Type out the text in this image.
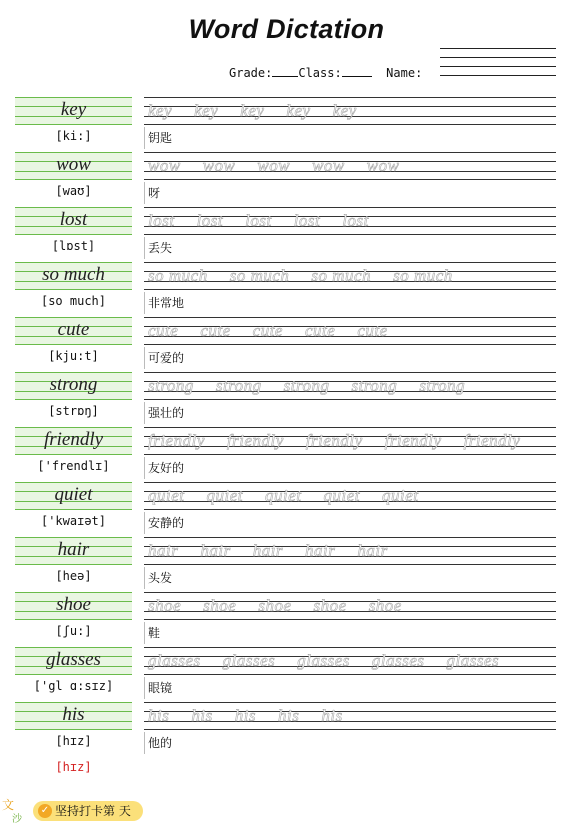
Word Dictation
Grade: Class:	Name:
key	key key key key key
[ki:]	钥匙
wow	wow wow wow wow wow
[waʊ]	呀
lost	lost lost lost lost lost
[lɒst]	丢失
so much	so much so much so much so much
[so much]	非常地
cute	cute cute cute cute cute
[kju:t]	可爱的
strong	strong strong strong strong strong
[strɒŋ]	强壮的
friendly	friendly friendly friendly friendly friendly
['frendlɪ]	友好的
quiet	quiet quiet quiet quiet quiet
['kwaɪət]	安静的
hair	hair hair hair hair hair
[heə]	头发
shoe	shoe shoe shoe shoe shoe
[ʃu:]	鞋
glasses	glasses glasses glasses glasses glasses
['gl ɑ:sɪz]	眼镜
his	his his his his his
[hɪz]	他的
[hɪz]
文
沙
✓ 坚持打卡第 天
